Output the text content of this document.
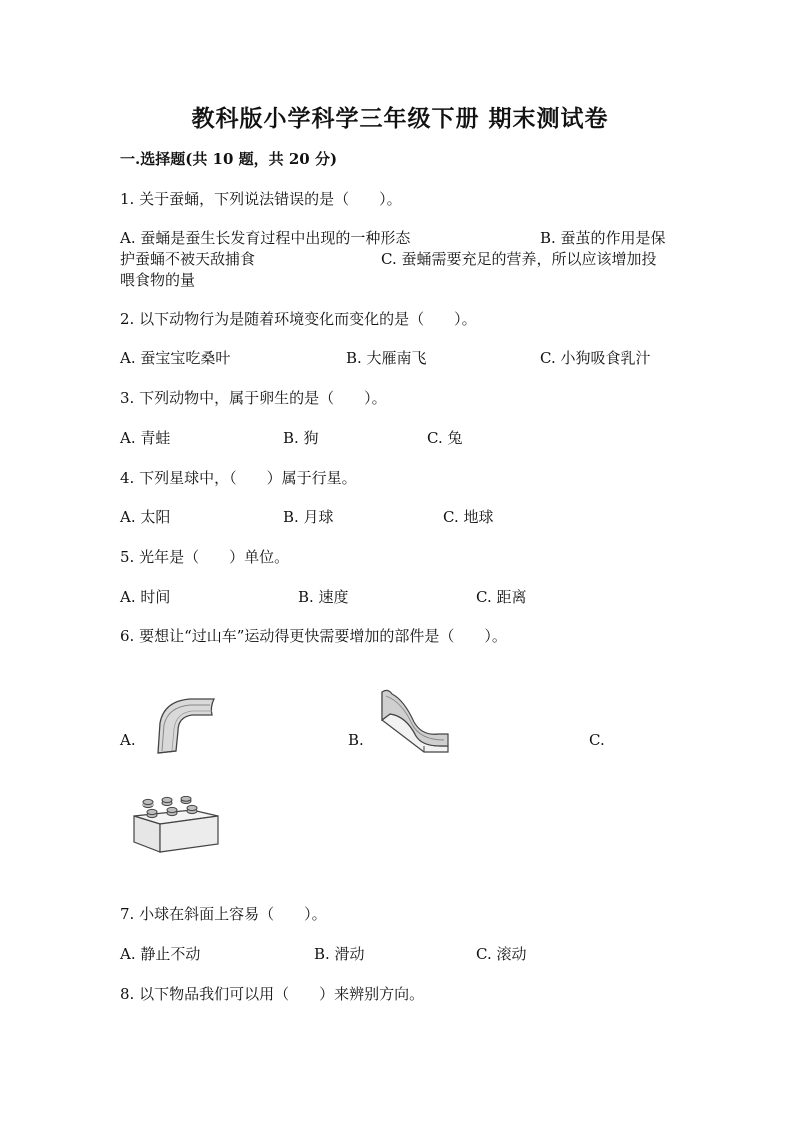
教科版小学科学三年级下册 期末测试卷
一.选择题(共 10 题，共 20 分)
1. 关于蚕蛹，下列说法错误的是（　　）。
A. 蚕蛹是蚕生长发育过程中出现的一种形态	B. 蚕茧的作用是保
护蚕蛹不被天敌捕食	C. 蚕蛹需要充足的营养，所以应该增加投
喂食物的量
2. 以下动物行为是随着环境变化而变化的是（　　）。
A. 蚕宝宝吃桑叶	B. 大雁南飞	C. 小狗吸食乳汁
3. 下列动物中，属于卵生的是（　　）。
A. 青蛙	B. 狗	C. 兔
4. 下列星球中，（　　）属于行星。
A. 太阳	B. 月球	C. 地球
5. 光年是（　　）单位。
A. 时间	B. 速度	C. 距离
6. 要想让“过山车”运动得更快需要增加的部件是（　　）。
A.	B.	C.
7. 小球在斜面上容易（　　）。
A. 静止不动	B. 滑动	C. 滚动
8. 以下物品我们可以用（　　）来辨别方向。
